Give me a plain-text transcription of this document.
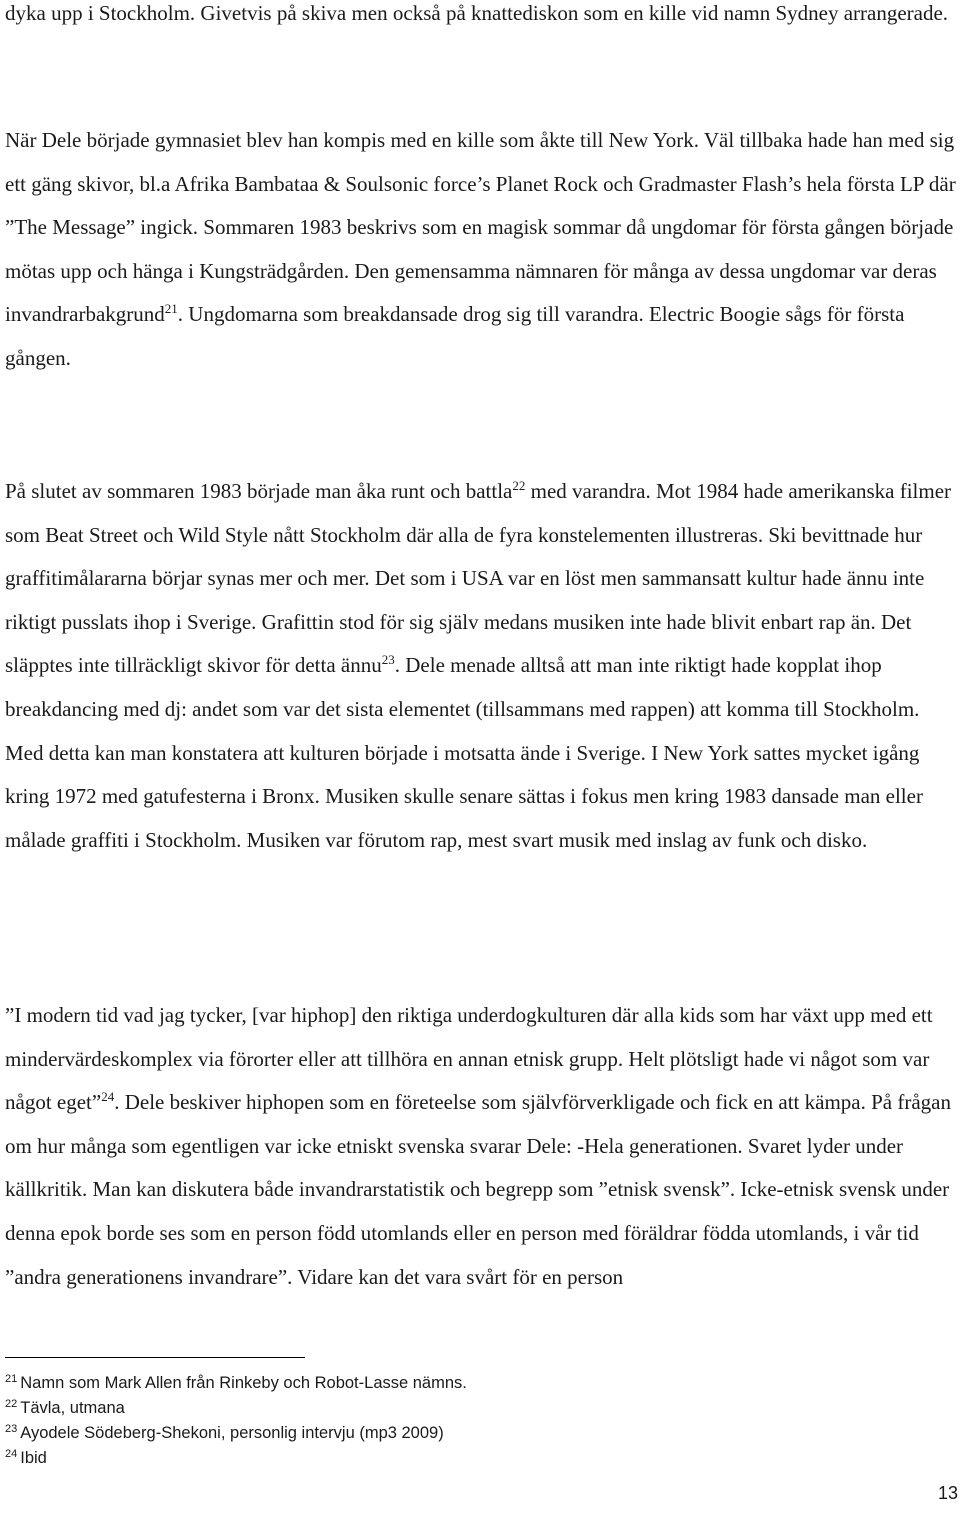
dyka upp i Stockholm. Givetvis på skiva men också på knattediskon som en kille vid namn Sydney arrangerade.

När Dele började gymnasiet blev han kompis med en kille som åkte till New York. Väl tillbaka hade han med sig ett gäng skivor, bl.a Afrika Bambataa & Soulsonic force’s Planet Rock och Gradmaster Flash’s hela första LP där ”The Message” ingick. Sommaren 1983 beskrivs som en magisk sommar då ungdomar för första gången började mötas upp och hänga i Kungsträdgården. Den gemensamma nämnaren för många av dessa ungdomar var deras invandrarbakgrund$^{21}$. Ungdomarna som breakdansade drog sig till varandra. Electric Boogie sågs för första gången.

På slutet av sommaren 1983 började man åka runt och battla$^{22}$ med varandra. Mot 1984 hade amerikanska filmer som Beat Street och Wild Style nått Stockholm där alla de fyra konstelementen illustreras. Ski bevittnade hur graffitimålararna börjar synas mer och mer. Det som i USA var en löst men sammansatt kultur hade ännu inte riktigt pusslats ihop i Sverige. Grafittin stod för sig själv medans musiken inte hade blivit enbart rap än. Det släpptes inte tillräckligt skivor för detta ännu$^{23}$. Dele menade alltså att man inte riktigt hade kopplat ihop breakdancing med dj: andet som var det sista elementet (tillsammans med rappen) att komma till Stockholm. Med detta kan man konstatera att kulturen började i motsatta ände i Sverige. I New York sattes mycket igång kring 1972 med gatufesterna i Bronx. Musiken skulle senare sättas i fokus men kring 1983 dansade man eller målade graffiti i Stockholm. Musiken var förutom rap, mest svart musik med inslag av funk och disko.

”I modern tid vad jag tycker, [var hiphop] den riktiga underdogkulturen där alla kids som har växt upp med ett mindervärdeskomplex via förorter eller att tillhöra en annan etnisk grupp. Helt plötsligt hade vi något som var något eget”$^{24}$. Dele beskiver hiphopen som en företeelse som självförverkligade och fick en att kämpa. På frågan om hur många som egentligen var icke etniskt svenska svarar Dele: -Hela generationen. Svaret lyder under källkritik. Man kan diskutera både invandrarstatistik och begrepp som ”etnisk svensk”. Icke-etnisk svensk under denna epok borde ses som en person född utomlands eller en person med föräldrar födda utomlands, i vår tid ”andra generationens invandrare”. Vidare kan det vara svårt för en person

$^{21}$ Namn som Mark Allen från Rinkeby och Robot-Lasse nämns.

$^{22}$ Tävla, utmana

$^{23}$ Ayodele Södeberg-Shekoni, personlig intervju (mp3 2009)

$^{24}$ Ibid

13
